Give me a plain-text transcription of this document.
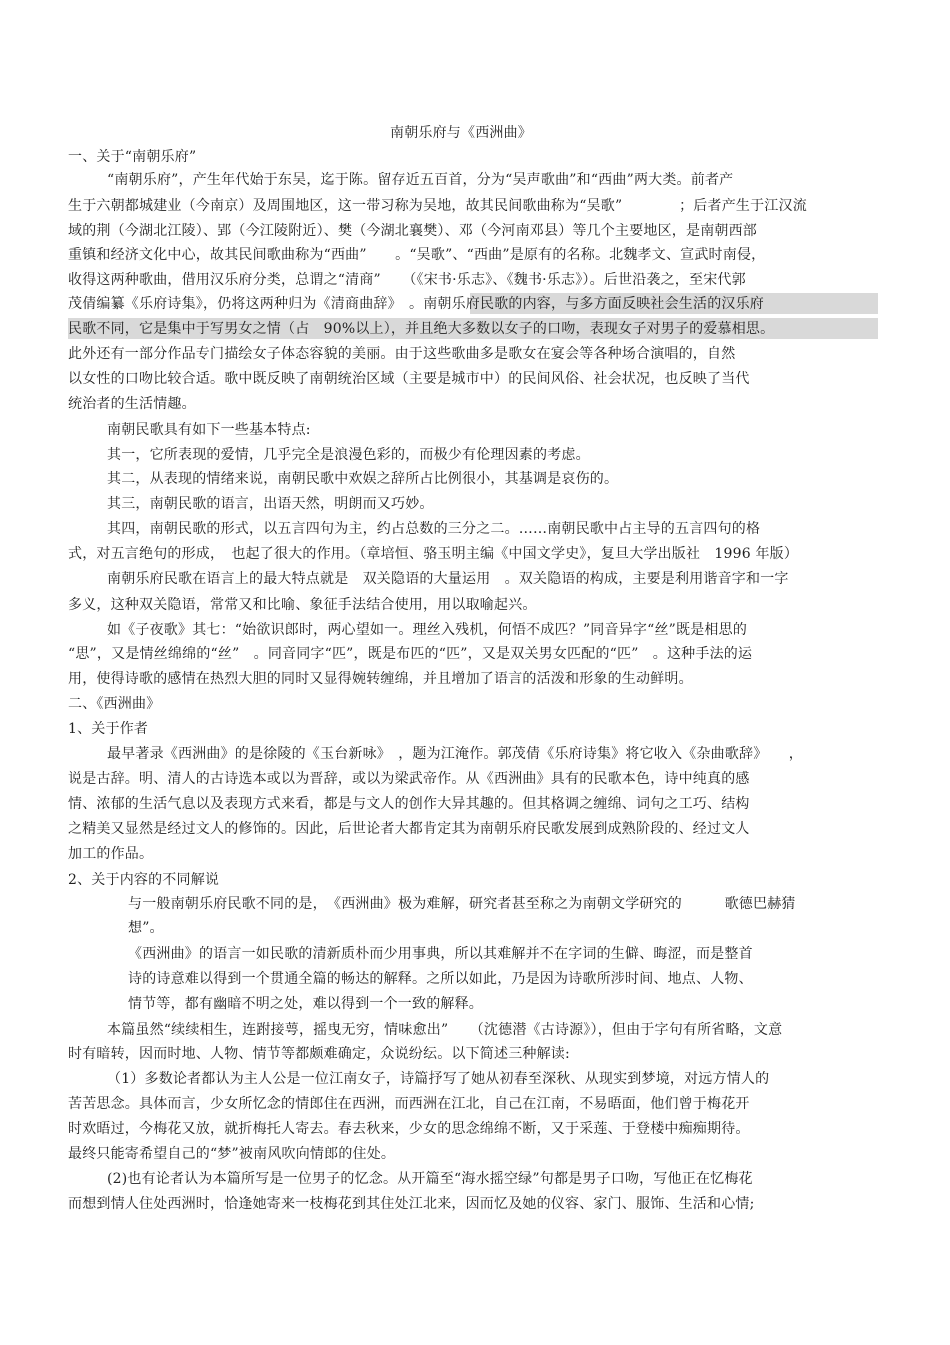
南朝乐府与《西洲曲》
一、关于“南朝乐府”
“南朝乐府”，产生年代始于东吴，迄于陈。留存近五百首，分为“吴声歌曲”和“西曲”两大类。前者产
生于六朝都城建业（今南京）及周围地区，这一带习称为吴地，故其民间歌曲称为“吴歌”　　　　；后者产生于江汉流
域的荆（今湖北江陵）、郢（今江陵附近）、樊（今湖北襄樊）、邓（今河南邓县）等几个主要地区，是南朝西部
重镇和经济文化中心，故其民间歌曲称为“西曲”　　。“吴歌”、“西曲”是原有的名称。北魏孝文、宣武时南侵，
收得这两种歌曲，借用汉乐府分类，总谓之“清商”　　（《宋书·乐志》、《魏书·乐志》）。后世沿袭之，至宋代郭
茂倩编纂《乐府诗集》，仍将这两种归为《清商曲辞》　。南朝乐府民歌的内容，与多方面反映社会生活的汉乐府
民歌不同，它是集中于写男女之情（占　90%以上），并且绝大多数以女子的口吻，表现女子对男子的爱慕相思。
此外还有一部分作品专门描绘女子体态容貌的美丽。由于这些歌曲多是歌女在宴会等各种场合演唱的，自然
以女性的口吻比较合适。歌中既反映了南朝统治区域（主要是城市中）的民间风俗、社会状况，也反映了当代
统治者的生活情趣。
南朝民歌具有如下一些基本特点:
其一，它所表现的爱情，几乎完全是浪漫色彩的，而极少有伦理因素的考虑。
其二，从表现的情绪来说，南朝民歌中欢娱之辞所占比例很小，其基调是哀伤的。
其三，南朝民歌的语言，出语天然，明朗而又巧妙。
其四，南朝民歌的形式，以五言四句为主，约占总数的三分之二。……南朝民歌中占主导的五言四句的格
式，对五言绝句的形成，　也起了很大的作用。（章培恒、骆玉明主编《中国文学史》，复旦大学出版社　1996 年版）
南朝乐府民歌在语言上的最大特点就是　双关隐语的大量运用　。双关隐语的构成，主要是利用谐音字和一字
多义，这种双关隐语，常常又和比喻、象征手法结合使用，用以取喻起兴。
如《子夜歌》其七：“始欲识郎时，两心望如一。理丝入残机，何悟不成匹？”同音异字“丝”既是相思的
“思”，又是情丝绵绵的“丝”　。同音同字“匹”，既是布匹的“匹”，又是双关男女匹配的“匹”　。这种手法的运
用，使得诗歌的感情在热烈大胆的同时又显得婉转缠绵，并且增加了语言的活泼和形象的生动鲜明。
二、《西洲曲》
1、关于作者
最早著录《西洲曲》的是徐陵的《玉台新咏》　，题为江淹作。郭茂倩《乐府诗集》将它收入《杂曲歌辞》　　，
说是古辞。明、清人的古诗选本或以为晋辞，或以为梁武帝作。从《西洲曲》具有的民歌本色，诗中纯真的感
情、浓郁的生活气息以及表现方式来看，都是与文人的创作大异其趣的。但其格调之缠绵、词句之工巧、结构
之精美又显然是经过文人的修饰的。因此，后世论者大都肯定其为南朝乐府民歌发展到成熟阶段的、经过文人
加工的作品。
2、关于内容的不同解说
与一般南朝乐府民歌不同的是，　《西洲曲》极为难解，研究者甚至称之为南朝文学研究的　　　歌德巴赫猜
想”。
《西洲曲》的语言一如民歌的清新质朴而少用事典，所以其难解并不在字词的生僻、晦涩，而是整首
诗的诗意难以得到一个贯通全篇的畅达的解释。之所以如此，乃是因为诗歌所涉时间、地点、人物、
情节等，都有幽暗不明之处，难以得到一个一致的解释。
本篇虽然“续续相生，连跗接萼，摇曳无穷，情味愈出”　　（沈德潜《古诗源》），但由于字句有所省略，文意
时有暗转，因而时地、人物、情节等都颇难确定，众说纷纭。以下简述三种解读:
（1）多数论者都认为主人公是一位江南女子，诗篇抒写了她从初春至深秋、从现实到梦境，对远方情人的
苦苦思念。具体而言，少女所忆念的情郎住在西洲，而西洲在江北，自己在江南，不易晤面，他们曾于梅花开
时欢晤过，今梅花又放，就折梅托人寄去。春去秋来，少女的思念绵绵不断，又于采莲、于登楼中痴痴期待。
最终只能寄希望自己的“梦”被南风吹向情郎的住处。
(2)也有论者认为本篇所写是一位男子的忆念。从开篇至“海水摇空绿”句都是男子口吻，写他正在忆梅花
而想到情人住处西洲时，恰逢她寄来一枝梅花到其住处江北来，因而忆及她的仪容、家门、服饰、生活和心情;
